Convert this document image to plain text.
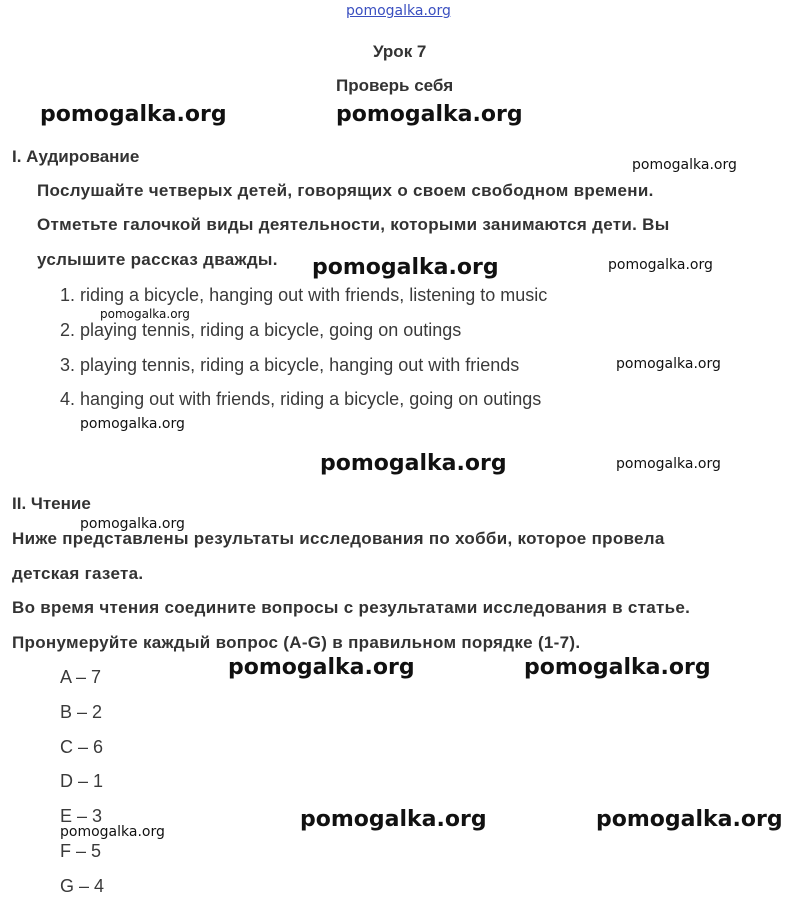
pomogalka.org
Урок 7
Проверь себя
I. Аудирование
Послушайте четверых детей, говорящих о своем свободном времени.
Отметьте галочкой виды деятельности, которыми занимаются дети. Вы
услышите рассказ дважды.
1. riding a bicycle, hanging out with friends, listening to music
2. playing tennis, riding a bicycle, going on outings
3. playing tennis, riding a bicycle, hanging out with friends
4. hanging out with friends, riding a bicycle, going on outings
II. Чтение
Ниже представлены результаты исследования по хобби, которое провела
детская газета.
Во время чтения соедините вопросы с результатами исследования в статье.
Пронумеруйте каждый вопрос (A-G) в правильном порядке (1-7).
A – 7
B – 2
C – 6
D – 1
E – 3
F – 5
G – 4
pomogalka.org	pomogalka.org
pomogalka.org
pomogalka.org
pomogalka.org	pomogalka.org
pomogalka.org	pomogalka.org
pomogalka.org
pomogalka.org
pomogalka.org
pomogalka.org
pomogalka.org
pomogalka.org
pomogalka.org
pomogalka.org
